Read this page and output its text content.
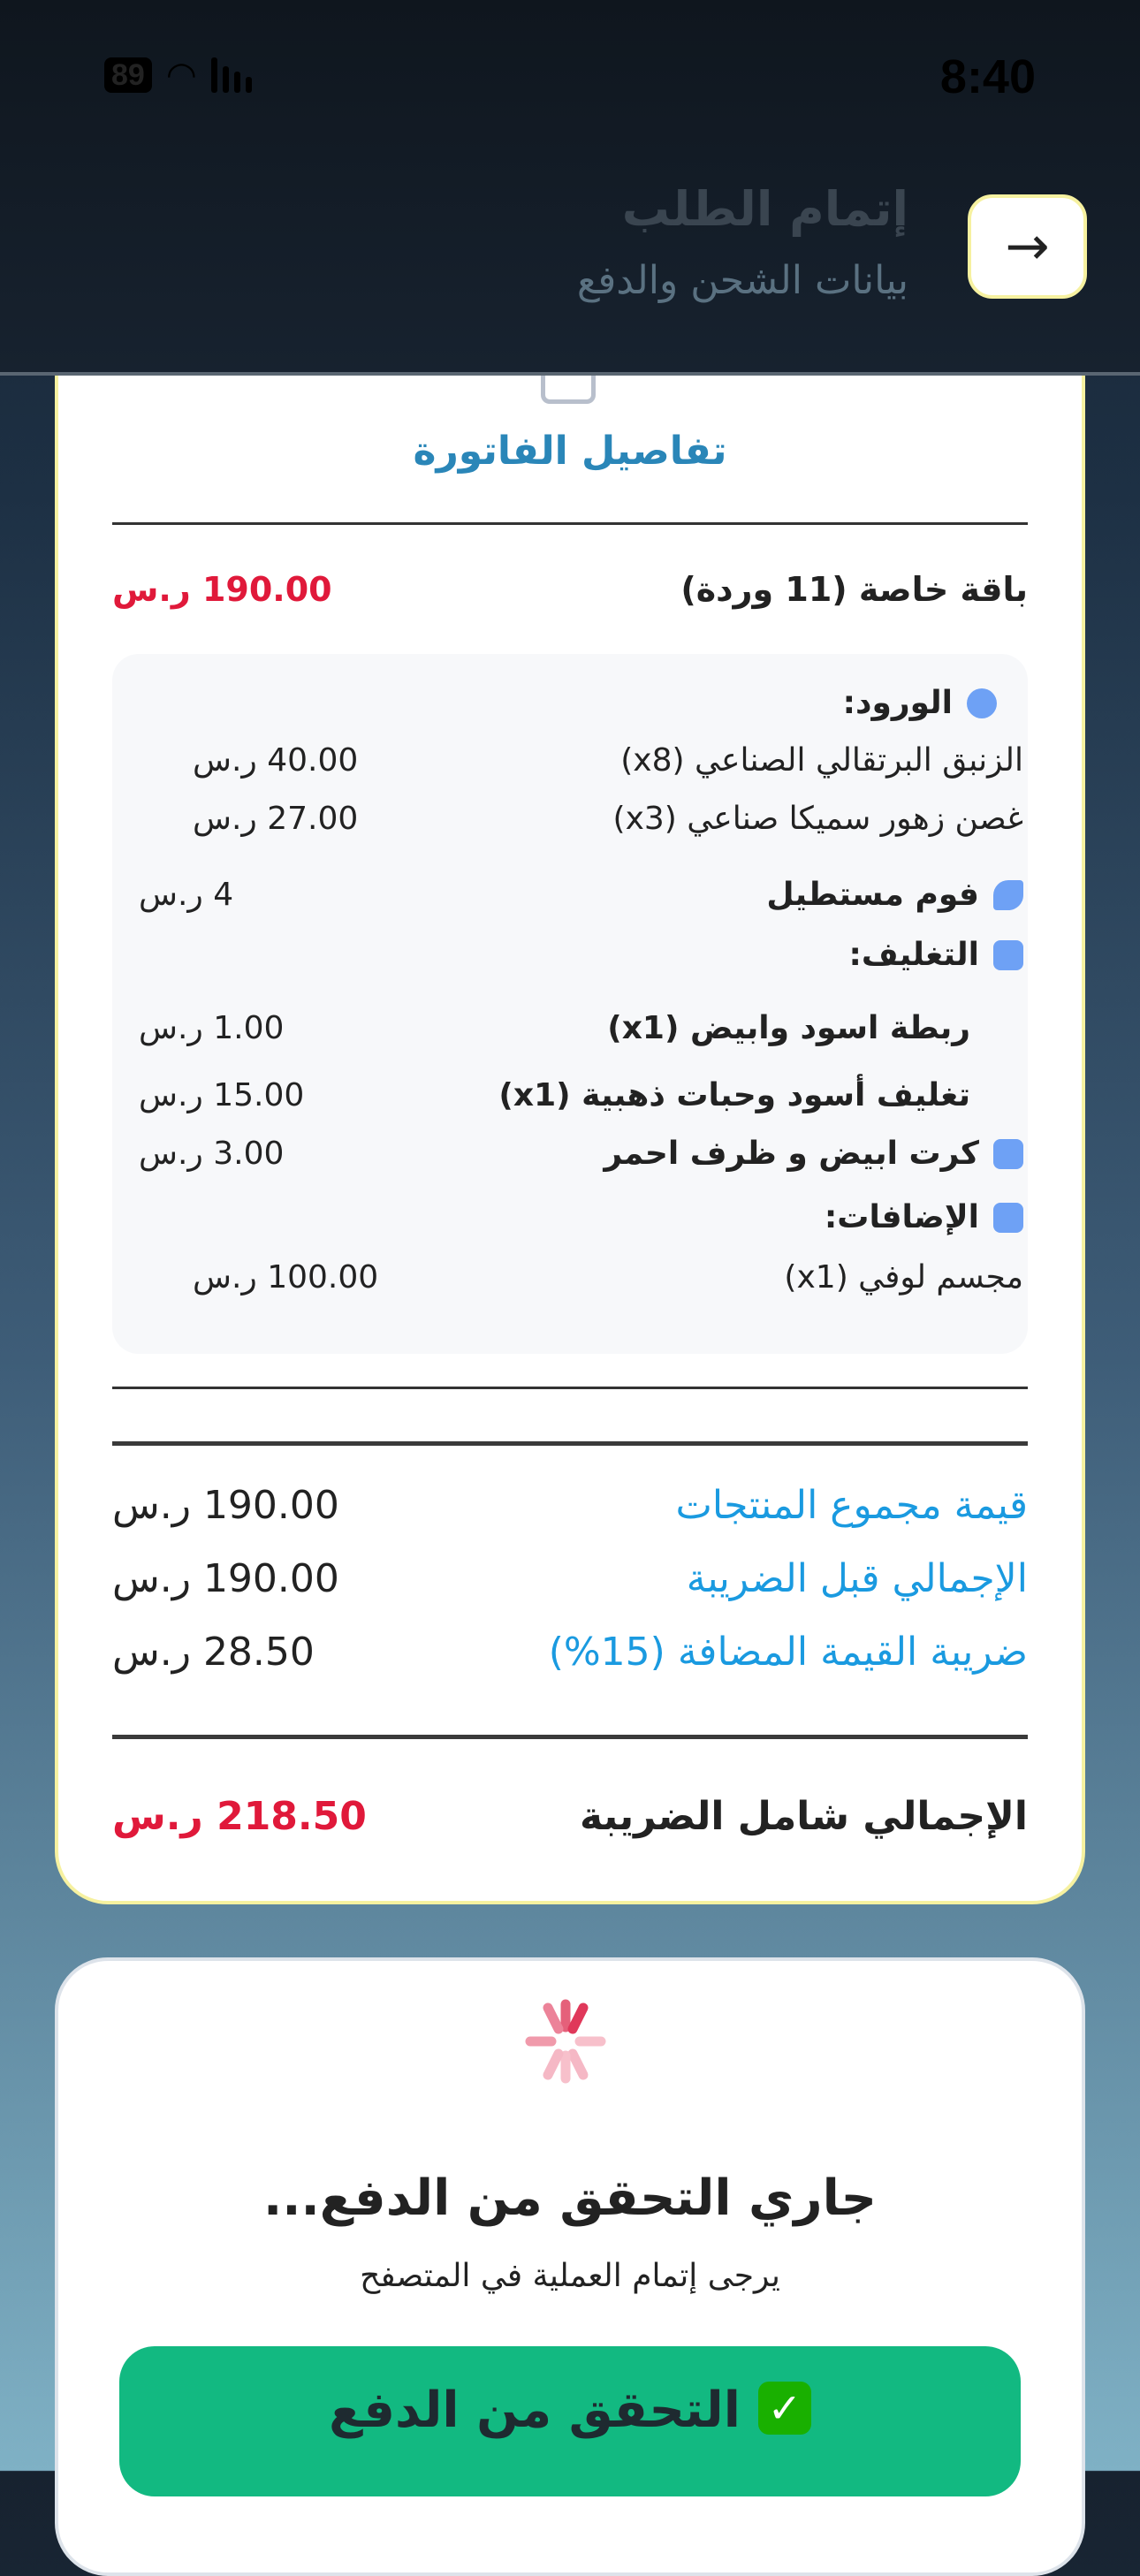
89 ◠	8:40
→
إتمام الطلب
بيانات الشحن والدفع
تفاصيل الفاتورة
باقة خاصة (11 وردة)
190.00 ر.س
الورود:
الزنبق البرتقالي الصناعي (x8)
40.00 ر.س
غصن زهور سميكا صناعي (x3)
27.00 ر.س
فوم مستطيل
4 ر.س
التغليف:
ربطة اسود وابيض (x1)
1.00 ر.س
تغليف أسود وحبات ذهبية (x1)
15.00 ر.س
كرت ابيض و ظرف احمر
3.00 ر.س
الإضافات:
مجسم لوفي (x1)
100.00 ر.س
قيمة مجموع المنتجات
190.00 ر.س
الإجمالي قبل الضريبة
190.00 ر.س
ضريبة القيمة المضافة (15%)
28.50 ر.س
الإجمالي شامل الضريبة
218.50 ر.س
جاري التحقق من الدفع...
يرجى إتمام العملية في المتصفح
✓
التحقق من الدفع
